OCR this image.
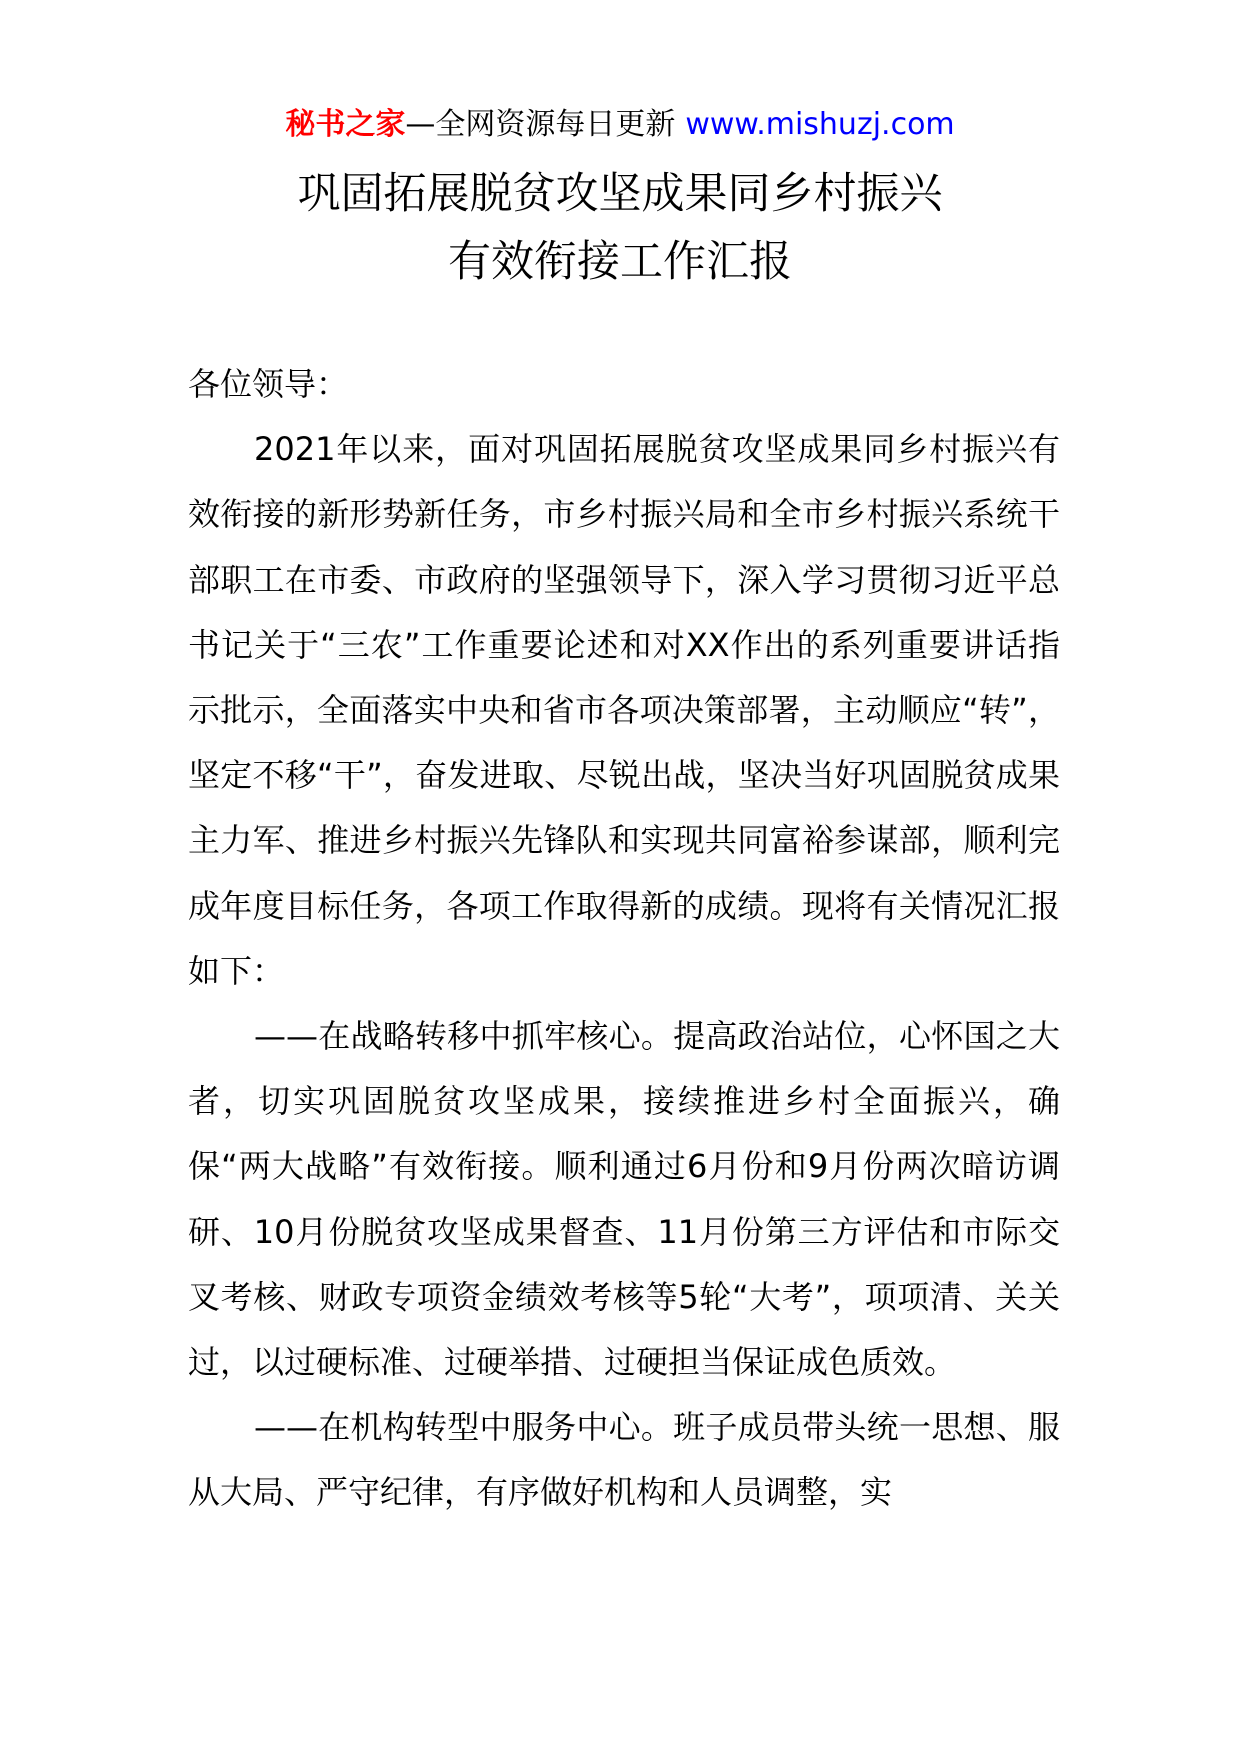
秘书之家—全网资源每日更新 www.mishuzj.com
巩固拓展脱贫攻坚成果同乡村振兴
有效衔接工作汇报

各位领导：

2021年以来，面对巩固拓展脱贫攻坚成果同乡村振兴有效衔接的新形势新任务，市乡村振兴局和全市乡村振兴系统干部职工在市委、市政府的坚强领导下，深入学习贯彻习近平总书记关于“三农”工作重要论述和对XX作出的系列重要讲话指示批示，全面落实中央和省市各项决策部署，主动顺应“转”，坚定不移“干”，奋发进取、尽锐出战，坚决当好巩固脱贫成果主力军、推进乡村振兴先锋队和实现共同富裕参谋部，顺利完成年度目标任务，各项工作取得新的成绩。现将有关情况汇报如下：

——在战略转移中抓牢核心。提高政治站位，心怀国之大者，切实巩固脱贫攻坚成果，接续推进乡村全面振兴，确保“两大战略”有效衔接。顺利通过6月份和9月份两次暗访调研、10月份脱贫攻坚成果督查、11月份第三方评估和市际交叉考核、财政专项资金绩效考核等5轮“大考”，项项清、关关过，以过硬标准、过硬举措、过硬担当保证成色质效。

——在机构转型中服务中心。班子成员带头统一思想、服从大局、严守纪律，有序做好机构和人员调整，实
